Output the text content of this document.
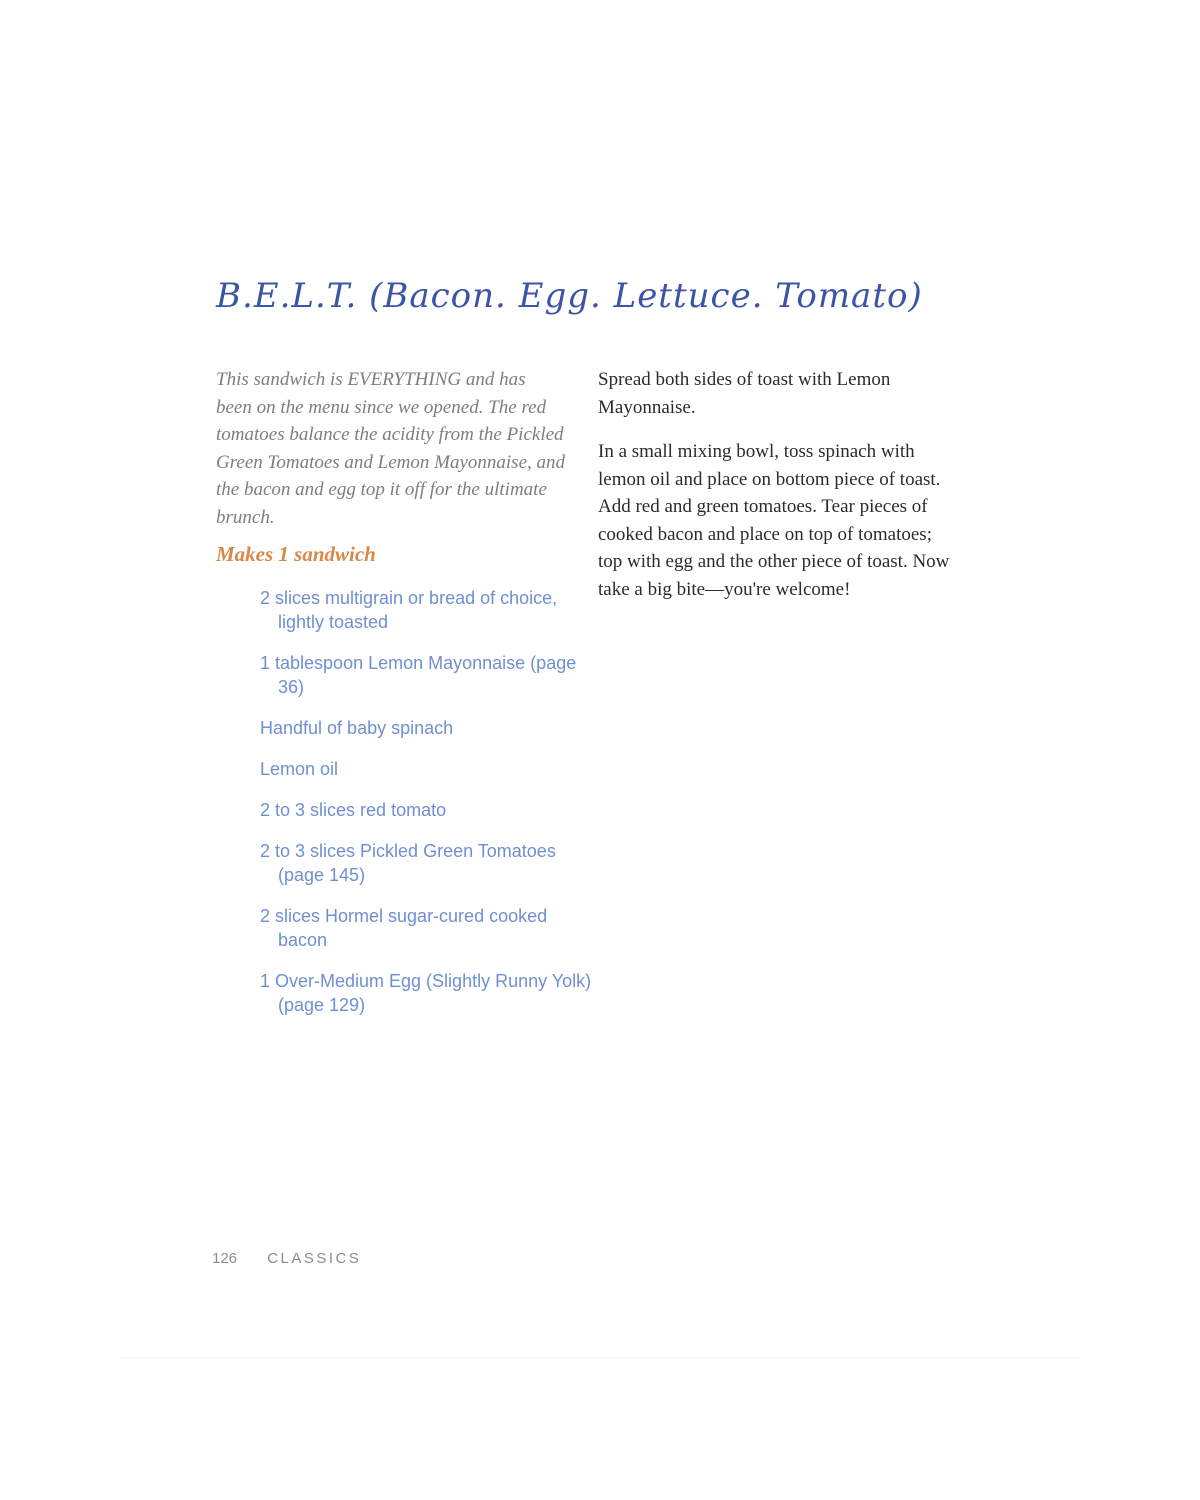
B.E.L.T. (Bacon. Egg. Lettuce. Tomato)

This sandwich is EVERYTHING and has been on the menu since we opened. The red tomatoes balance the acidity from the Pickled Green Tomatoes and Lemon Mayonnaise, and the bacon and egg top it off for the ultimate brunch.

Makes 1 sandwich

2 slices multigrain or bread of choice, lightly toasted
1 tablespoon Lemon Mayonnaise (page 36)
Handful of baby spinach
Lemon oil
2 to 3 slices red tomato
2 to 3 slices Pickled Green Tomatoes (page 145)
2 slices Hormel sugar-cured cooked bacon
1 Over-Medium Egg (Slightly Runny Yolk) (page 129)

Spread both sides of toast with Lemon Mayonnaise.

In a small mixing bowl, toss spinach with lemon oil and place on bottom piece of toast. Add red and green tomatoes. Tear pieces of cooked bacon and place on top of tomatoes; top with egg and the other piece of toast. Now take a big bite—you're welcome!

126 CLASSICS
